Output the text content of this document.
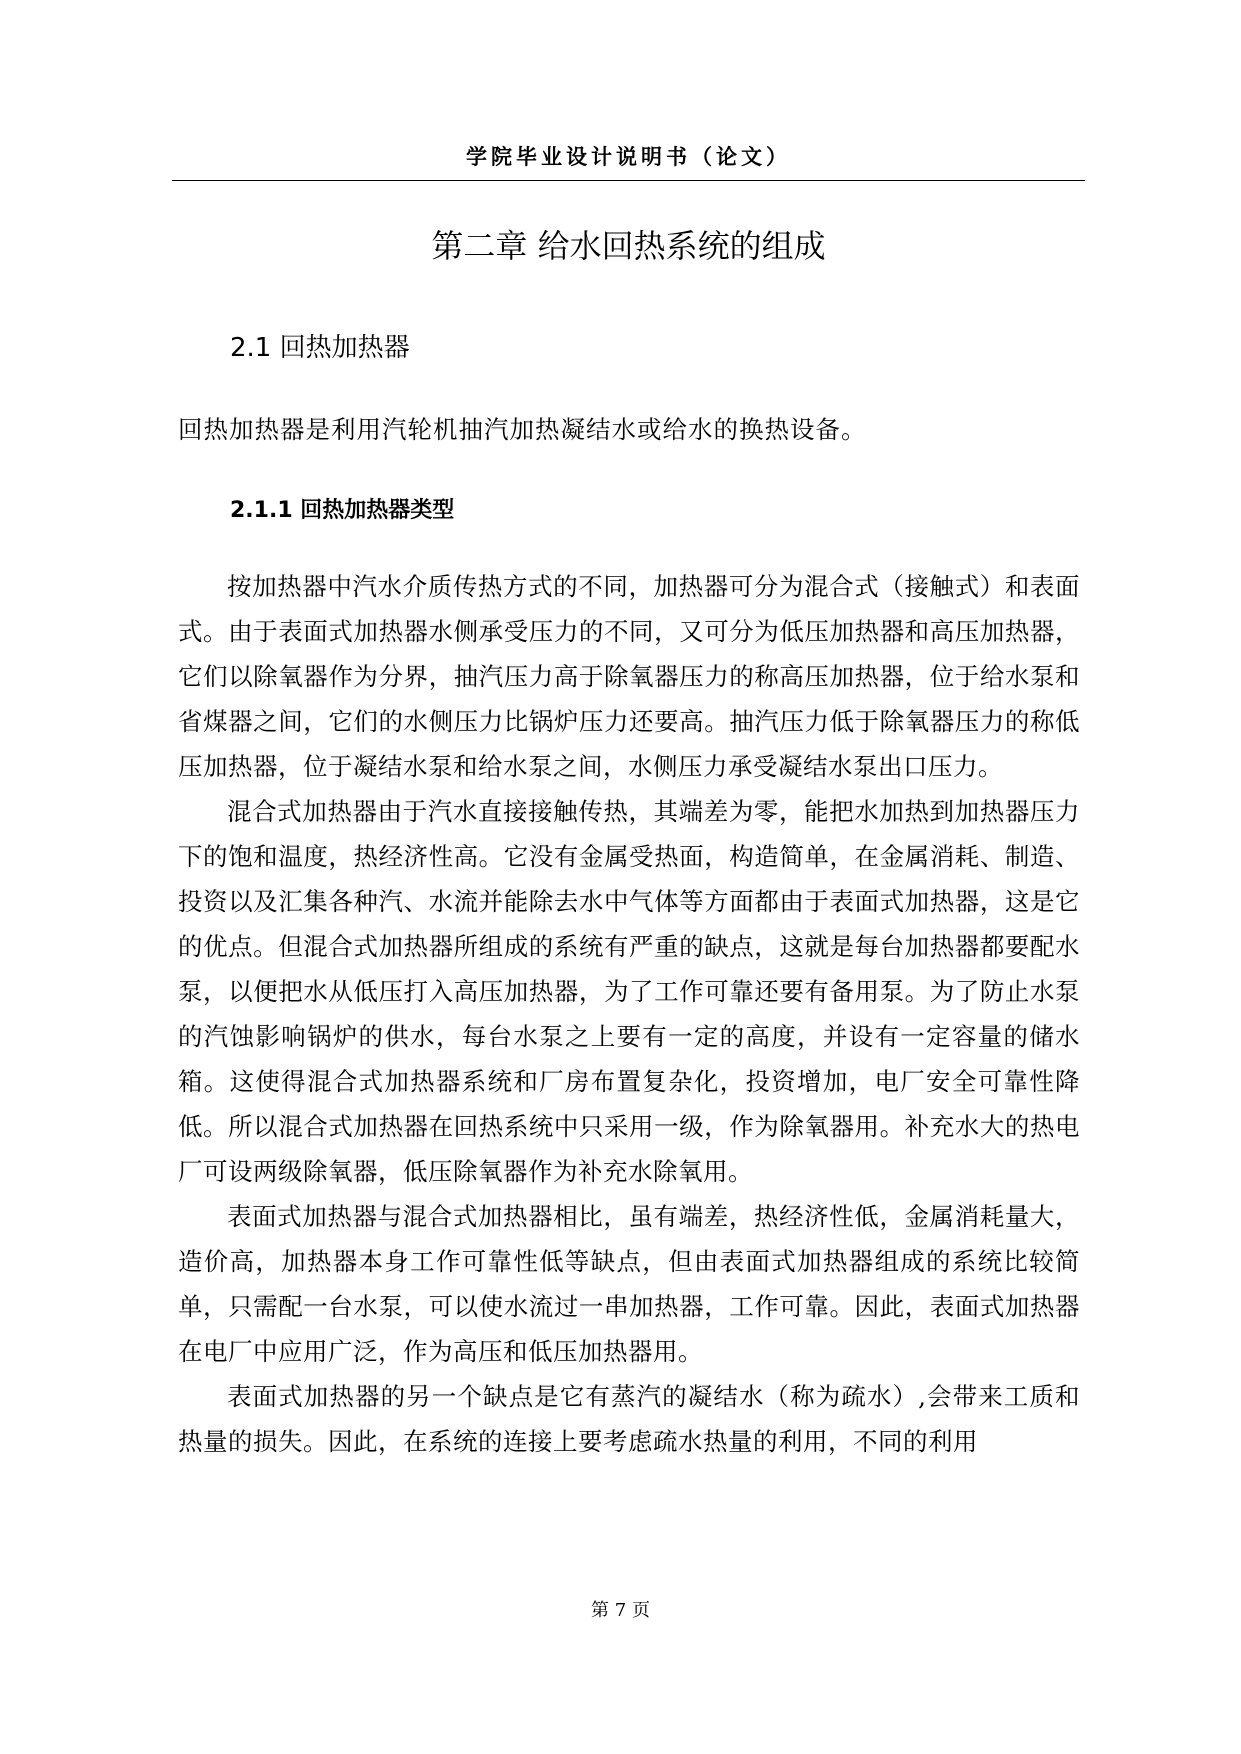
学院毕业设计说明书（论文）
第二章 给水回热系统的组成
2.1 回热加热器
回热加热器是利用汽轮机抽汽加热凝结水或给水的换热设备。
2.1.1 回热加热器类型

按加热器中汽水介质传热方式的不同，加热器可分为混合式（接触式）和表面式。由于表面式加热器水侧承受压力的不同，又可分为低压加热器和高压加热器，它们以除氧器作为分界，抽汽压力高于除氧器压力的称高压加热器，位于给水泵和省煤器之间，它们的水侧压力比锅炉压力还要高。抽汽压力低于除氧器压力的称低压加热器，位于凝结水泵和给水泵之间，水侧压力承受凝结水泵出口压力。

混合式加热器由于汽水直接接触传热，其端差为零，能把水加热到加热器压力下的饱和温度，热经济性高。它没有金属受热面，构造简单，在金属消耗、制造、投资以及汇集各种汽、水流并能除去水中气体等方面都由于表面式加热器，这是它的优点。但混合式加热器所组成的系统有严重的缺点，这就是每台加热器都要配水泵，以便把水从低压打入高压加热器，为了工作可靠还要有备用泵。为了防止水泵的汽蚀影响锅炉的供水，每台水泵之上要有一定的高度，并设有一定容量的储水箱。这使得混合式加热器系统和厂房布置复杂化，投资增加，电厂安全可靠性降低。所以混合式加热器在回热系统中只采用一级，作为除氧器用。补充水大的热电厂可设两级除氧器，低压除氧器作为补充水除氧用。

表面式加热器与混合式加热器相比，虽有端差，热经济性低，金属消耗量大，造价高，加热器本身工作可靠性低等缺点，但由表面式加热器组成的系统比较简单，只需配一台水泵，可以使水流过一串加热器，工作可靠。因此，表面式加热器在电厂中应用广泛，作为高压和低压加热器用。

表面式加热器的另一个缺点是它有蒸汽的凝结水（称为疏水）,会带来工质和热量的损失。因此，在系统的连接上要考虑疏水热量的利用，不同的利用

第 7 页
